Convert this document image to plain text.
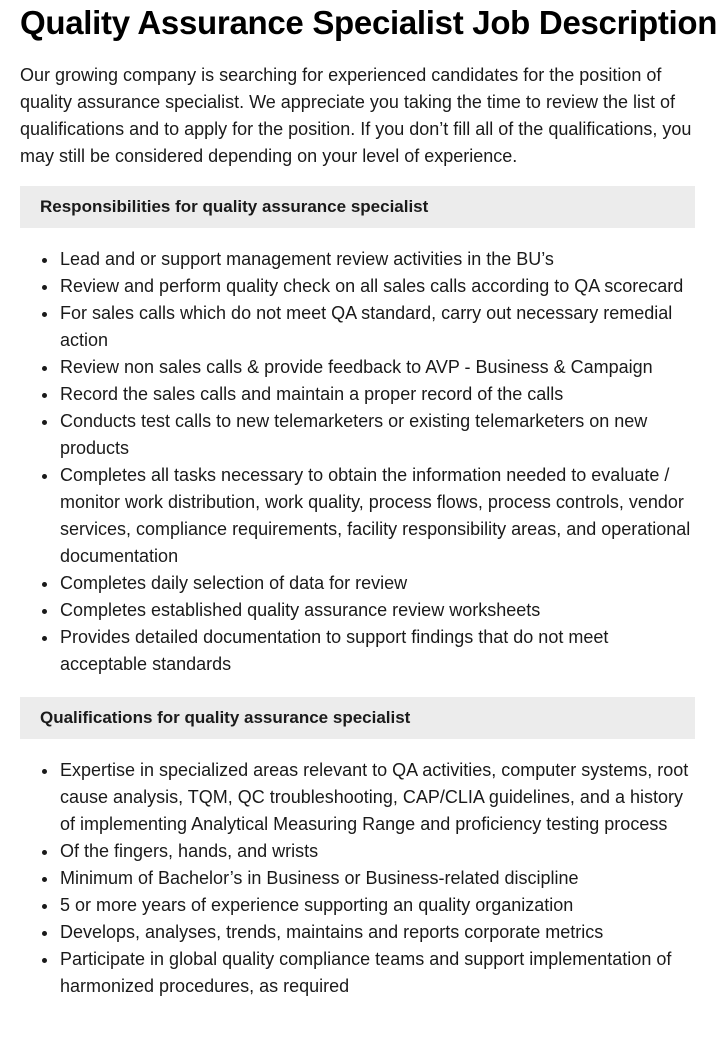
Quality Assurance Specialist Job Description

Our growing company is searching for experienced candidates for the position of quality assurance specialist. We appreciate you taking the time to review the list of qualifications and to apply for the position. If you don’t fill all of the qualifications, you may still be considered depending on your level of experience.

Responsibilities for quality assurance specialist
Lead and or support management review activities in the BU’s
Review and perform quality check on all sales calls according to QA scorecard
For sales calls which do not meet QA standard, carry out necessary remedial action
Review non sales calls & provide feedback to AVP - Business & Campaign
Record the sales calls and maintain a proper record of the calls
Conducts test calls to new telemarketers or existing telemarketers on new products
Completes all tasks necessary to obtain the information needed to evaluate / monitor work distribution, work quality, process flows, process controls, vendor services, compliance requirements, facility responsibility areas, and operational documentation
Completes daily selection of data for review
Completes established quality assurance review worksheets
Provides detailed documentation to support findings that do not meet acceptable standards
Qualifications for quality assurance specialist
Expertise in specialized areas relevant to QA activities, computer systems, root cause analysis, TQM, QC troubleshooting, CAP/CLIA guidelines, and a history of implementing Analytical Measuring Range and proficiency testing process
Of the fingers, hands, and wrists
Minimum of Bachelor’s in Business or Business-related discipline
5 or more years of experience supporting an quality organization
Develops, analyses, trends, maintains and reports corporate metrics
Participate in global quality compliance teams and support implementation of harmonized procedures, as required
